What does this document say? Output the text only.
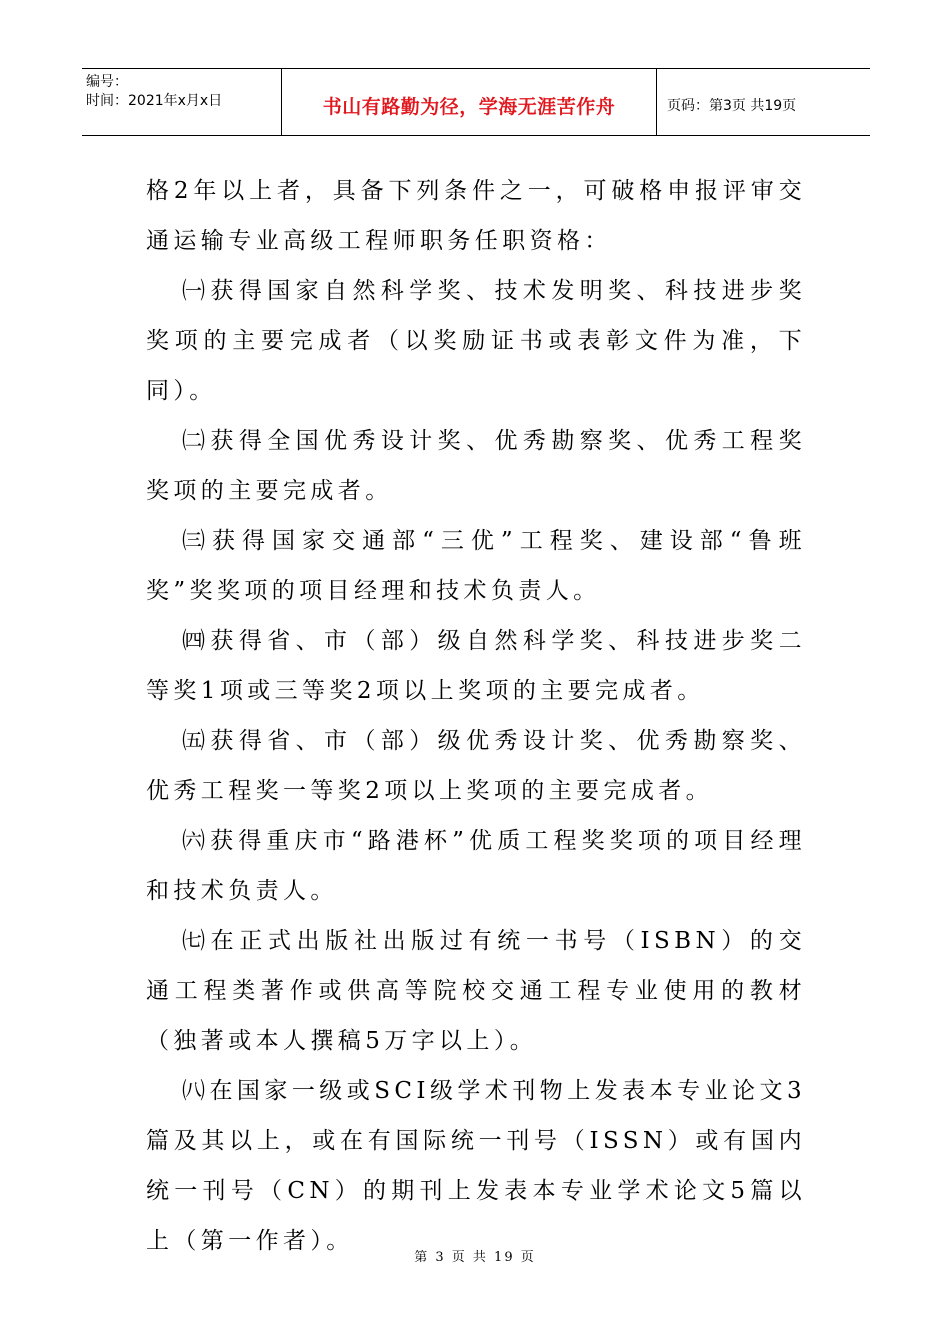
编号：
时间：2021年x月x日	书山有路勤为径，学海无涯苦作舟	页码：第3页 共19页

格2年以上者，具备下列条件之一，可破格申报评审交通运输专业高级工程师职务任职资格：

㈠获得国家自然科学奖、技术发明奖、科技进步奖奖项的主要完成者（以奖励证书或表彰文件为准，下同）。

㈡获得全国优秀设计奖、优秀勘察奖、优秀工程奖奖项的主要完成者。

㈢获得国家交通部“三优”工程奖、建设部“鲁班奖”奖奖项的项目经理和技术负责人。

㈣获得省、市（部）级自然科学奖、科技进步奖二等奖1项或三等奖2项以上奖项的主要完成者。

㈤获得省、市（部）级优秀设计奖、优秀勘察奖、优秀工程奖一等奖2项以上奖项的主要完成者。

㈥获得重庆市“路港杯”优质工程奖奖项的项目经理和技术负责人。

㈦在正式出版社出版过有统一书号（ISBN）的交通工程类著作或供高等院校交通工程专业使用的教材（独著或本人撰稿5万字以上）。

㈧在国家一级或SCI级学术刊物上发表本专业论文3篇及其以上，或在有国际统一刊号（ISSN）或有国内统一刊号（CN）的期刊上发表本专业学术论文5篇以上（第一作者）。

第 3 页 共 19 页
